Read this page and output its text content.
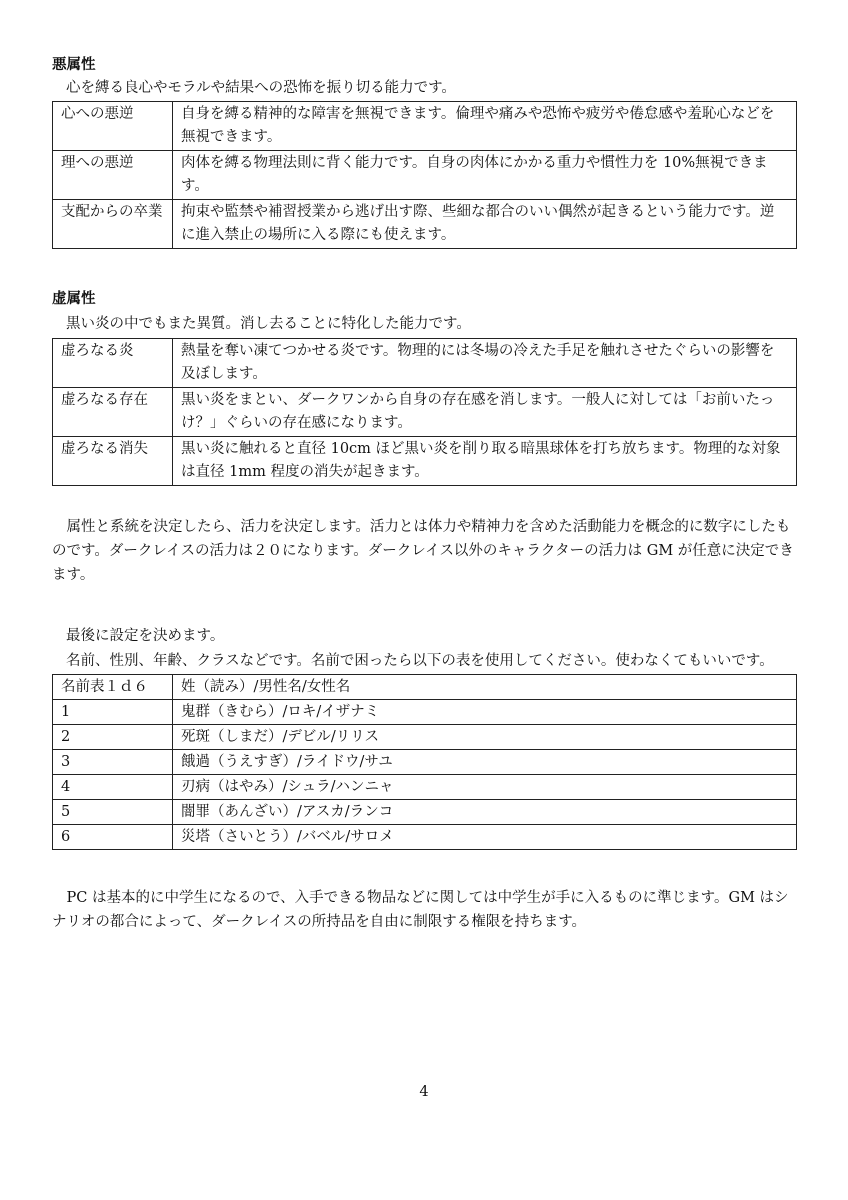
悪属性
心を縛る良心やモラルや結果への恐怖を振り切る能力です。
心への悪逆	自身を縛る精神的な障害を無視できます。倫理や痛みや恐怖や疲労や倦怠感や羞恥心などを無視できます。
理への悪逆	肉体を縛る物理法則に背く能力です。自身の肉体にかかる重力や慣性力を 10%無視できます。
支配からの卒業	拘束や監禁や補習授業から逃げ出す際、些細な都合のいい偶然が起きるという能力です。逆に進入禁止の場所に入る際にも使えます。
虚属性
黒い炎の中でもまた異質。消し去ることに特化した能力です。
虚ろなる炎	熱量を奪い凍てつかせる炎です。物理的には冬場の冷えた手足を触れさせたぐらいの影響を及ぼします。
虚ろなる存在	黒い炎をまとい、ダークワンから自身の存在感を消します。一般人に対しては「お前いたっけ？」ぐらいの存在感になります。
虚ろなる消失	黒い炎に触れると直径 10cm ほど黒い炎を削り取る暗黒球体を打ち放ちます。物理的な対象は直径 1mm 程度の消失が起きます。

属性と系統を決定したら、活力を決定します。活力とは体力や精神力を含めた活動能力を概念的に数字にしたものです。ダークレイスの活力は２０になります。ダークレイス以外のキャラクターの活力は GM が任意に決定できます。

最後に設定を決めます。
名前、性別、年齢、クラスなどです。名前で困ったら以下の表を使用してください。使わなくてもいいです。
名前表１ｄ６	姓（読み）/男性名/女性名
1	鬼群（きむら）/ロキ/イザナミ
2	死斑（しまだ）/デビル/リリス
3	餓過（うえすぎ）/ライドウ/サユ
4	刃病（はやみ）/シュラ/ハンニャ
5	闇罪（あんざい）/アスカ/ランコ
6	災塔（さいとう）/バベル/サロメ

PC は基本的に中学生になるので、入手できる物品などに関しては中学生が手に入るものに準じます。GM はシナリオの都合によって、ダークレイスの所持品を自由に制限する権限を持ちます。

4
